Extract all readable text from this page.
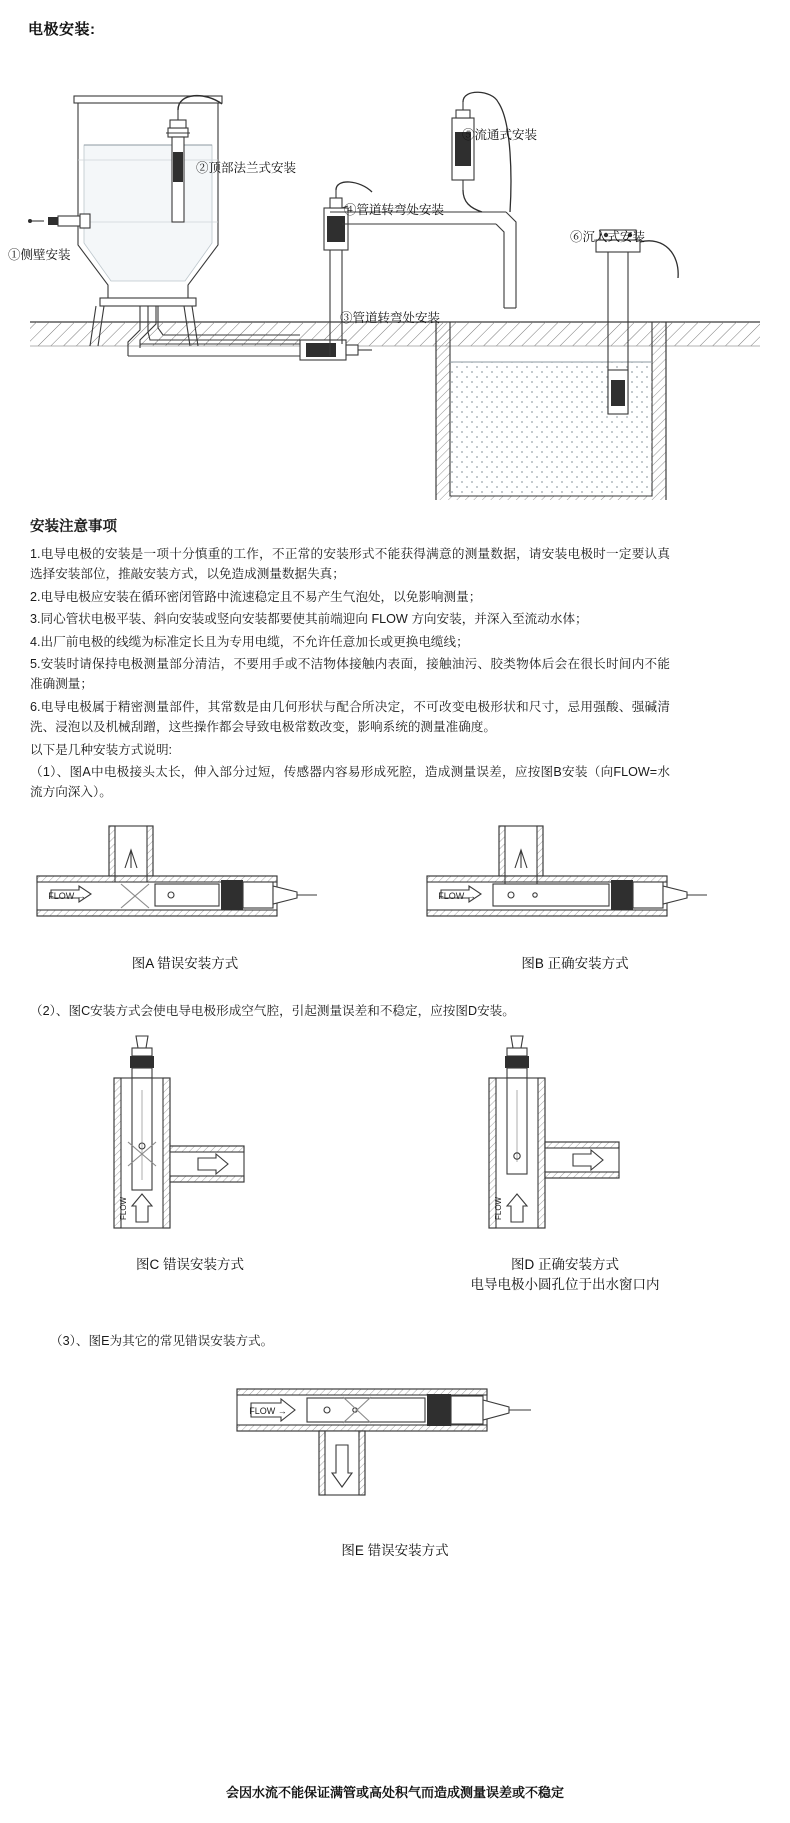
电极安装:
①侧壁安装
②顶部法兰式安装
③管道转弯处安装
④管道转弯处安装
⑤流通式安装
⑥沉入式安装
安装注意事项

1.电导电极的安装是一项十分慎重的工作，不正常的安装形式不能获得满意的测量数据，请安装电极时一定要认真选择安装部位，推敲安装方式，以免造成测量数据失真；

2.电导电极应安装在循环密闭管路中流速稳定且不易产生气泡处，以免影响测量；

3.同心管状电极平装、斜向安装或竖向安装都要使其前端迎向 FLOW 方向安装，并深入至流动水体；

4.出厂前电极的线缆为标准定长且为专用电缆，不允许任意加长或更换电缆线；

5.安装时请保持电极测量部分清洁，不要用手或不洁物体接触内表面，接触油污、胶类物体后会在很长时间内不能准确测量；

6.电导电极属于精密测量部件，其常数是由几何形状与配合所决定，不可改变电极形状和尺寸，忌用强酸、强碱清洗、浸泡以及机械刮蹭，这些操作都会导致电极常数改变，影响系统的测量准确度。

以下是几种安装方式说明:

（1）、图A中电极接头太长，伸入部分过短，传感器内容易形成死腔，造成测量误差，应按图B安装（向FLOW=水流方向深入）。

FLOW →
图A 错误安装方式
FLOW →
图B 正确安装方式
（2）、图C安装方式会使电导电极形成空气腔，引起测量误差和不稳定，应按图D安装。
FLOW
图C 错误安装方式
FLOW
图D 正确安装方式
电导电极小圆孔位于出水窗口内
（3）、图E为其它的常见错误安装方式。
FLOW →
图E 错误安装方式
会因水流不能保证满管或高处积气而造成测量误差或不稳定
